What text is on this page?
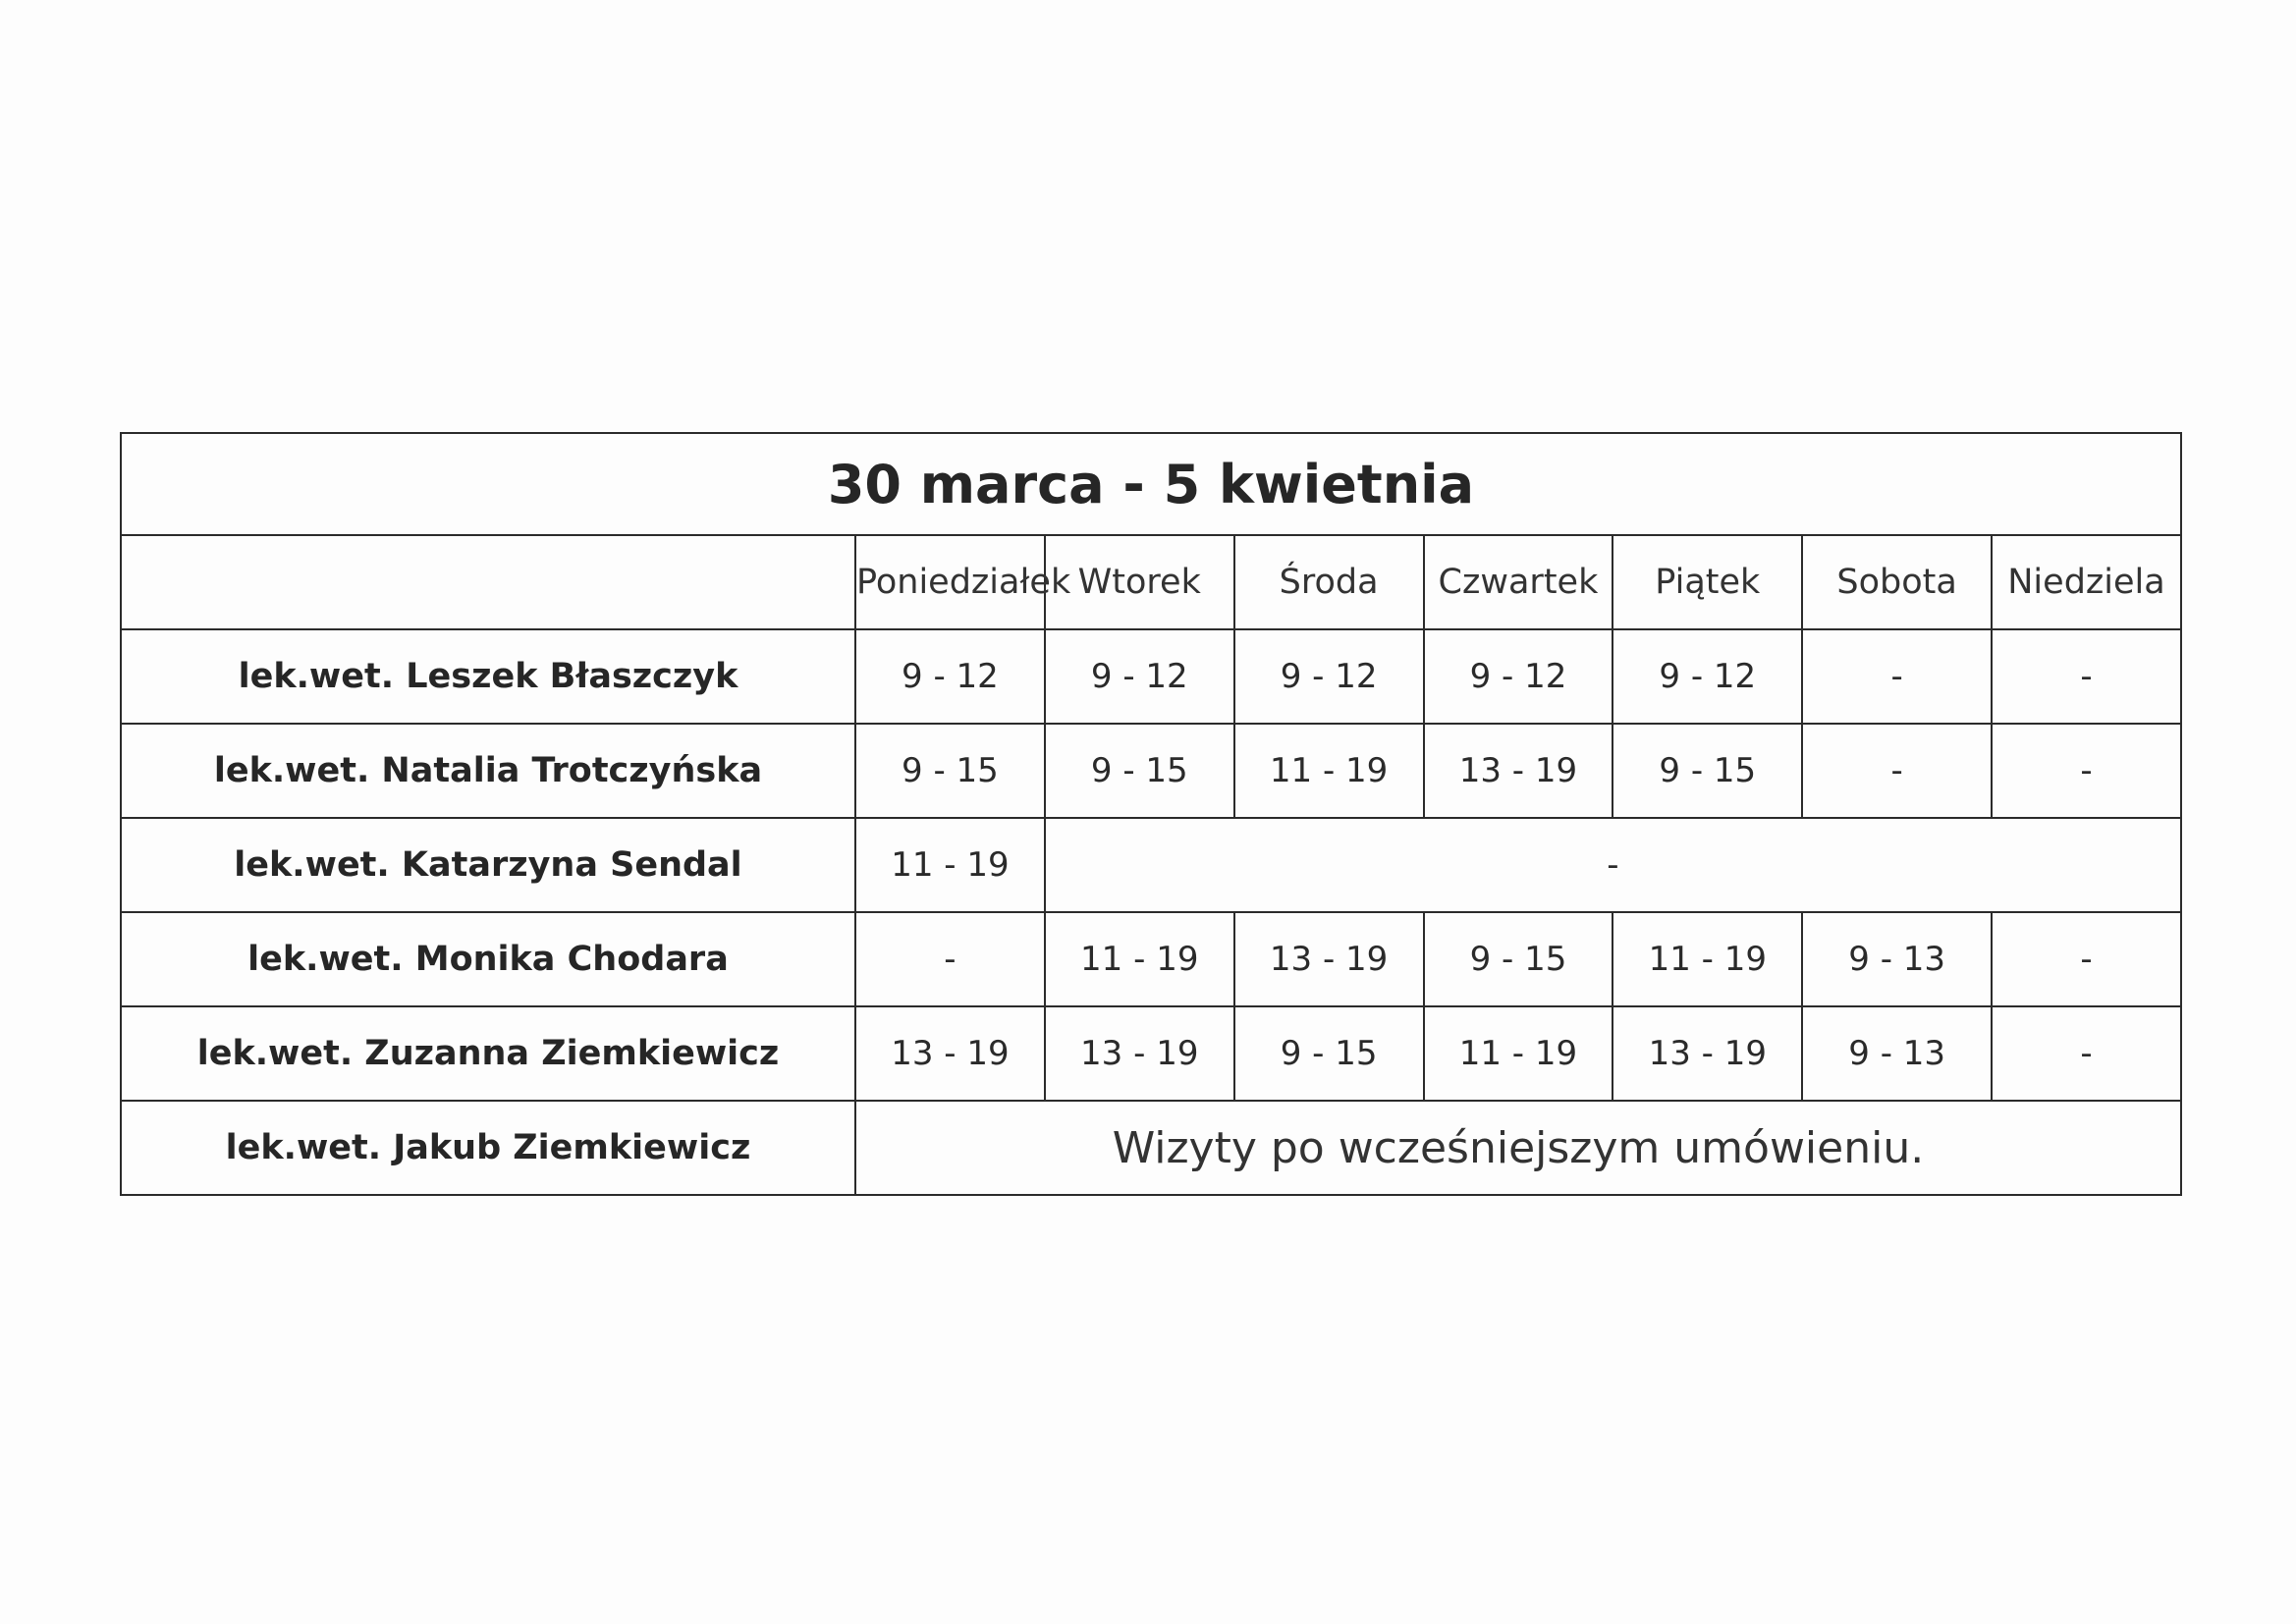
30 marca - 5 kwietnia							
	Poniedziałek	Wtorek	Środa	Czwartek	Piątek	Sobota	Niedziela
lek.wet. Leszek Błaszczyk	9 - 12	9 - 12	9 - 12	9 - 12	9 - 12	-	-
lek.wet. Natalia Trotczyńska	9 - 15	9 - 15	11 - 19	13 - 19	9 - 15	-	-
lek.wet. Katarzyna Sendal	11 - 19	-					
lek.wet. Monika Chodara	-	11 - 19	13 - 19	9 - 15	11 - 19	9 - 13	-
lek.wet. Zuzanna Ziemkiewicz	13 - 19	13 - 19	9 - 15	11 - 19	13 - 19	9 - 13	-
lek.wet. Jakub Ziemkiewicz	Wizyty po wcześniejszym umówieniu.						
